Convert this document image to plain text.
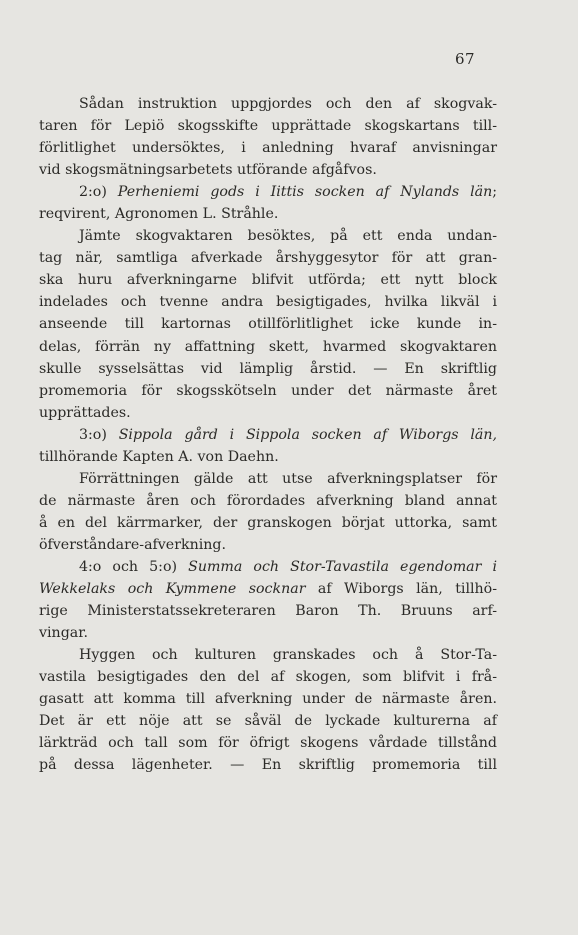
67

Sådan instruktion uppgjordes och den af skogvak-
taren för Lepiö skogsskifte upprättade skogskartans till-
förlitlighet undersöktes, i anledning hvaraf anvisningar
vid skogsmätningsarbetets utförande afgåfvos.

2:o) Perheniemi gods i Iittis socken af Nylands län;
reqvirent, Agronomen L. Stråhle.

Jämte skogvaktaren besöktes, på ett enda undan-
tag när, samtliga afverkade årshyggesytor för att gran-
ska huru afverkningarne blifvit utförda; ett nytt block
indelades och tvenne andra besigtigades, hvilka likväl i
anseende till kartornas otillförlitlighet icke kunde in-
delas, förrän ny affattning skett, hvarmed skogvaktaren
skulle sysselsättas vid lämplig årstid. — En skriftlig
promemoria för skogsskötseln under det närmaste året
upprättades.

3:o) Sippola gård i Sippola socken af Wiborgs län,
tillhörande Kapten A. von Daehn.

Förrättningen gälde att utse afverkningsplatser för
de närmaste åren och förordades afverkning bland annat
å en del kärrmarker, der granskogen börjat uttorka, samt
öfverståndare-afverkning.

4:o och 5:o) Summa och Stor-Tavastila egendomar i
Wekkelaks och Kymmene socknar af Wiborgs län, tillhö-
rige Ministerstatssekreteraren Baron Th. Bruuns arf-
vingar.

Hyggen och kulturen granskades och å Stor-Ta-
vastila besigtigades den del af skogen, som blifvit i frå-
gasatt att komma till afverkning under de närmaste åren.
Det är ett nöje att se såväl de lyckade kulturerna af
lärkträd och tall som för öfrigt skogens vårdade tillstånd
på dessa lägenheter. — En skriftlig promemoria till
